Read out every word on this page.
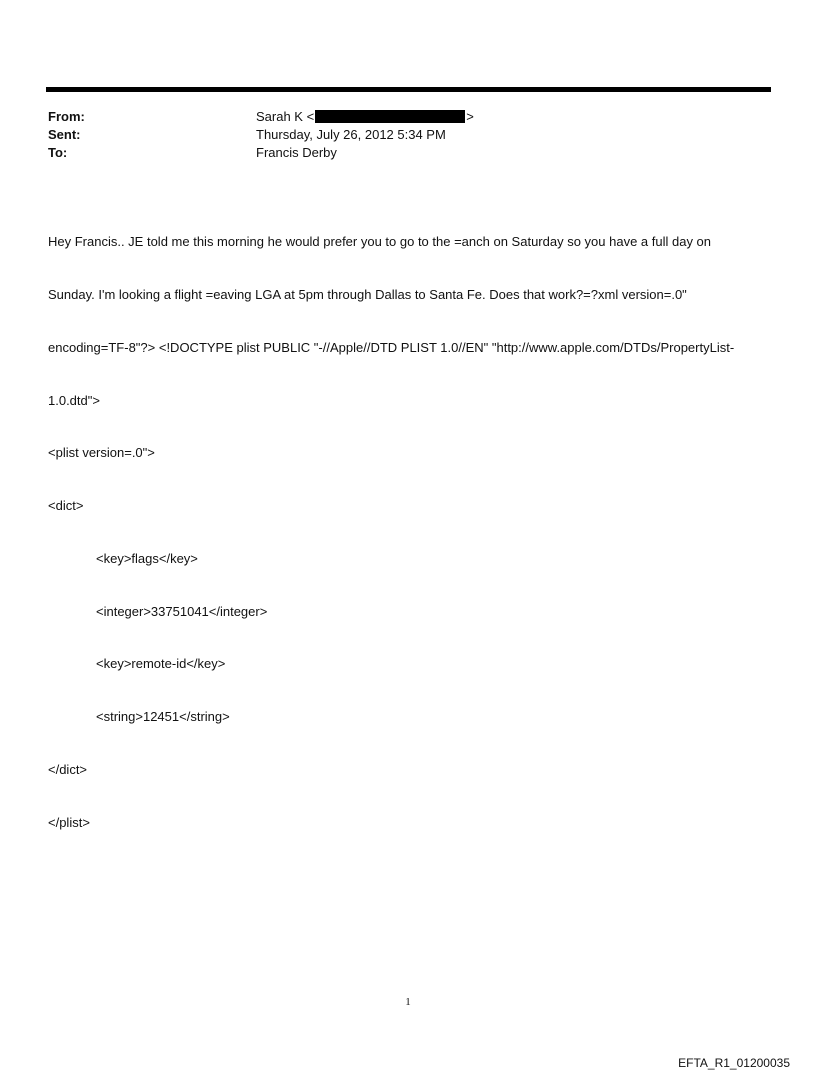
From:	Sarah K <	>
Sent:	Thursday, July 26, 2012 5:34 PM
To:	Francis Derby

Hey Francis.. JE told me this morning he would prefer you to go to the =anch on Saturday so you have a full day on

Sunday. I'm looking a flight =eaving LGA at 5pm through Dallas to Santa Fe. Does that work?=?xml version=.0"

encoding=TF-8"?> <!DOCTYPE plist PUBLIC "-//Apple//DTD PLIST 1.0//EN" "http://www.apple.com/DTDs/PropertyList-

1.0.dtd">

<plist version=.0">

<dict>

<key>flags</key>

<integer>33751041</integer>

<key>remote-id</key>

<string>12451</string>

</dict>

</plist>

1
EFTA_R1_01200035
